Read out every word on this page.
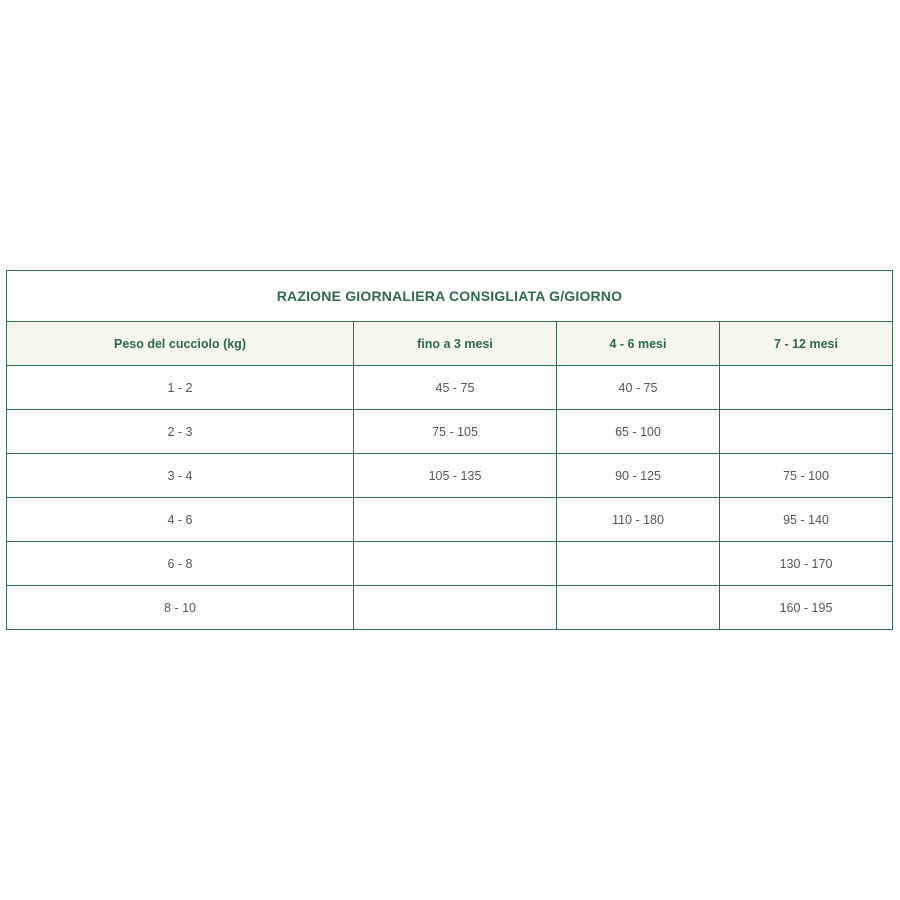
RAZIONE GIORNALIERA CONSIGLIATA G/GIORNO			
Peso del cucciolo (kg)	fino a 3 mesi	4 - 6 mesi	7 - 12 mesi
1 - 2	45 - 75	40 - 75	
2 - 3	75 - 105	65 - 100	
3 - 4	105 - 135	90 - 125	75 - 100
4 - 6		110 - 180	95 - 140
6 - 8			130 - 170
8 - 10			160 - 195
